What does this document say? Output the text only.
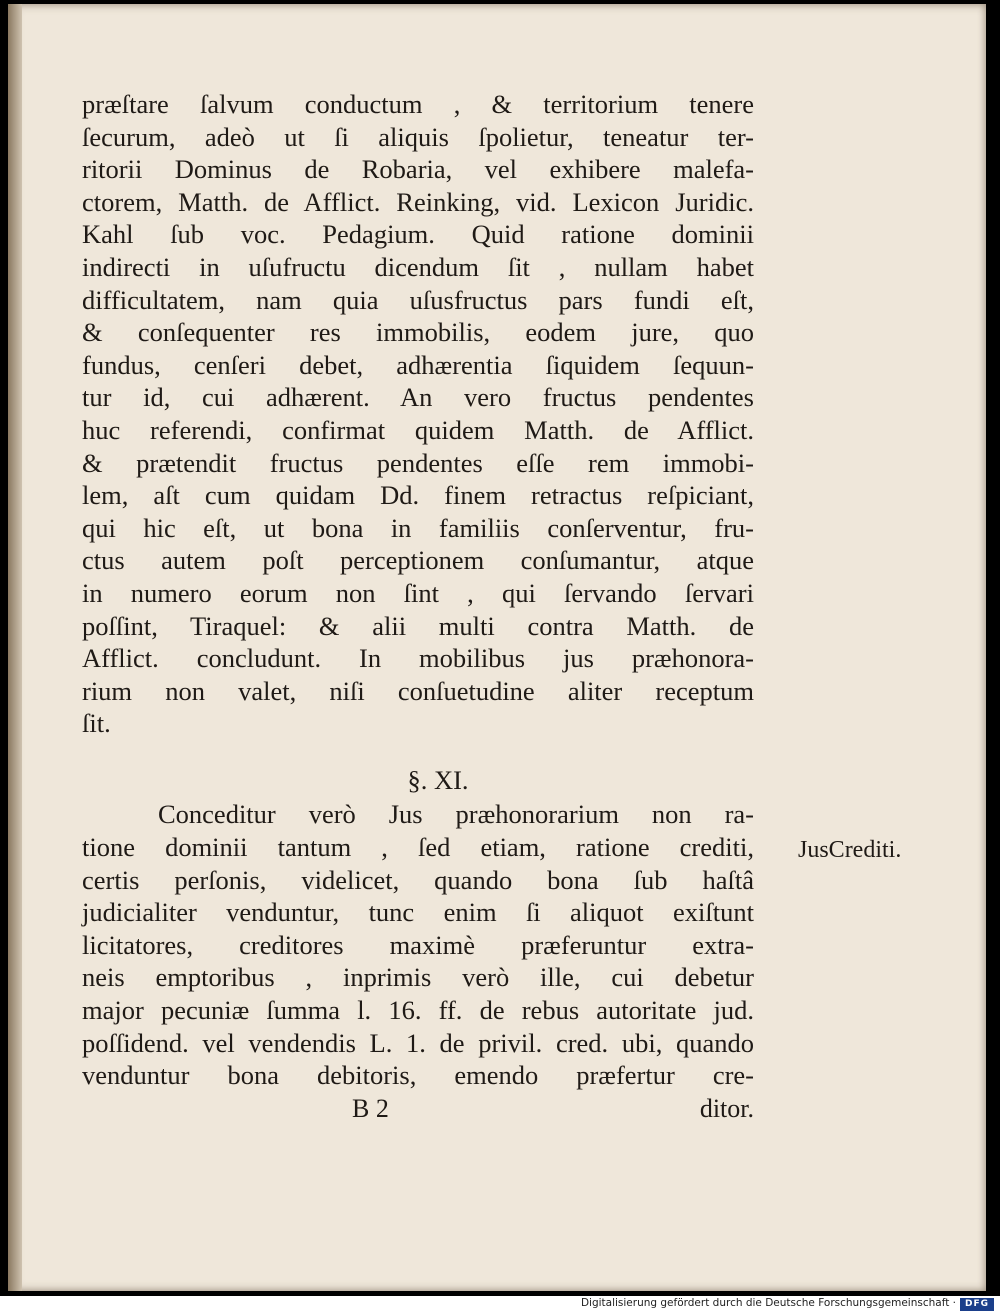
præſtare ſalvum conductum , & territorium tenere
ſecurum, adeò ut ſi aliquis ſpolietur, teneatur ter-
ritorii Dominus de Robaria, vel exhibere malefa-
ctorem, Matth. de Afflict. Reinking, vid. Lexicon Juridic.
Kahl ſub voc. Pedagium. Quid ratione dominii
indirecti in uſufructu dicendum ſit , nullam habet
difficultatem, nam quia uſusfructus pars fundi eſt,
& conſequenter res immobilis, eodem jure, quo
fundus, cenſeri debet, adhærentia ſiquidem ſequun-
tur id, cui adhærent. An vero fructus pendentes
huc referendi, confirmat quidem Matth. de Afflict.
& prætendit fructus pendentes eſſe rem immobi-
lem, aſt cum quidam Dd. finem retractus reſpiciant,
qui hic eſt, ut bona in familiis conſerventur, fru-
ctus autem poſt perceptionem conſumantur, atque
in numero eorum non ſint , qui ſervando ſervari
poſſint, Tiraquel: & alii multi contra Matth. de
Afflict. concludunt. In mobilibus jus præhonora-
rium non valet, niſi conſuetudine aliter receptum
ſit.
§. XI.
Conceditur verò Jus præhonorarium non ra-
tione dominii tantum , ſed etiam, ratione crediti,
certis perſonis, videlicet, quando bona ſub haſtâ
judicialiter venduntur, tunc enim ſi aliquot exiſtunt
licitatores, creditores maximè præferuntur extra-
neis emptoribus , inprimis verò ille, cui debetur
major pecuniæ ſumma l. 16. ff. de rebus autoritate jud.
poſſidend. vel vendendis L. 1. de privil. cred. ubi, quando
venduntur bona debitoris, emendo præfertur cre-
JusCrediti.
B 2	ditor.
Digitalisierung gefördert durch die Deutsche Forschungsgemeinschaft · DFG
